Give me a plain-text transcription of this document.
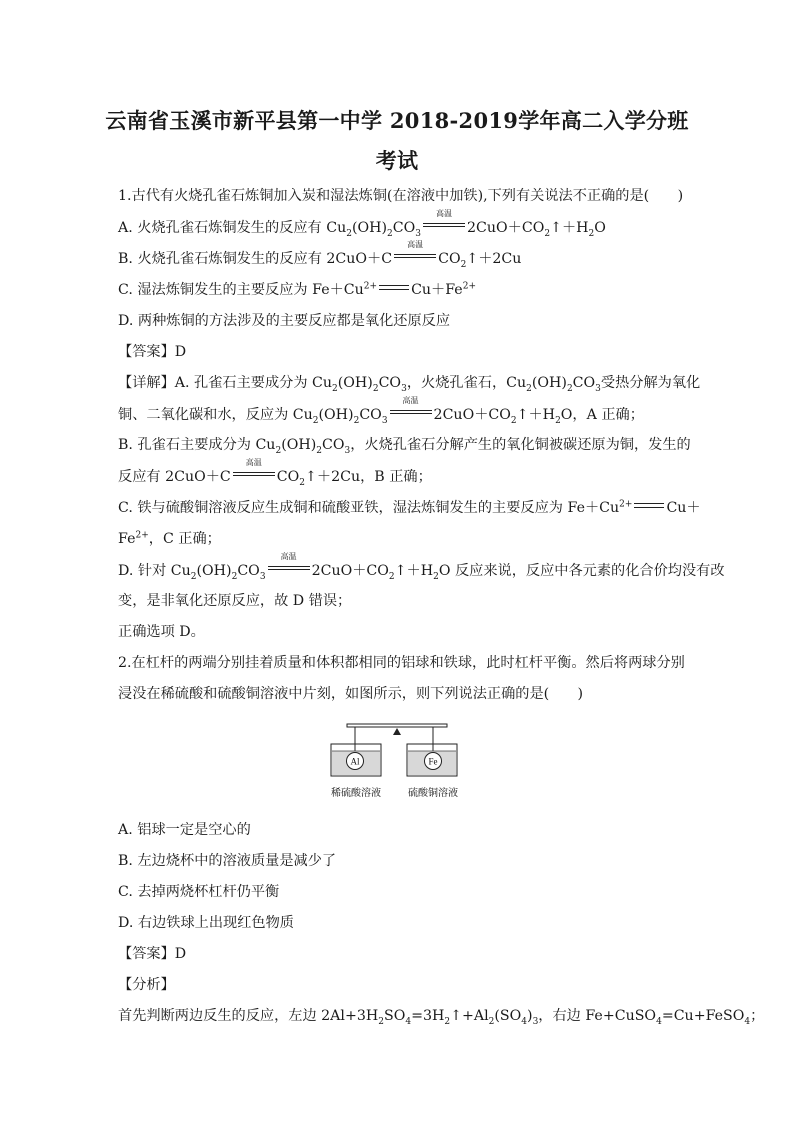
云南省玉溪市新平县第一中学 2018-2019学年高二入学分班
考试
1.古代有火烧孔雀石炼铜加入炭和湿法炼铜(在溶液中加铁),下列有关说法不正确的是(　　)
A. 火烧孔雀石炼铜发生的反应有 $Cu_2(OH)_2CO_3$
高温
$2CuO+CO_2↑+H_2O$
B. 火烧孔雀石炼铜发生的反应有 2CuO＋C
高温
$CO_2↑+2Cu$
C. 湿法炼铜发生的主要反应为 $Fe+Cu^{2+}$ $Cu+Fe^{2+}$
D. 两种炼铜的方法涉及的主要反应都是氧化还原反应
【答案】D
【详解】A. 孔雀石主要成分为 $Cu_2(OH)_2CO_3$，火烧孔雀石，$Cu_2(OH)_2CO_3$受热分解为氧化
铜、二氧化碳和水，反应为 $Cu_2(OH)_2CO_3$
高温
$2CuO+CO_2↑+H_2O$，A 正确；
B. 孔雀石主要成分为 $Cu_2(OH)_2CO_3$，火烧孔雀石分解产生的氧化铜被碳还原为铜，发生的
反应有 2CuO＋C
高温
$CO_2↑+2Cu$，B 正确；
C. 铁与硫酸铜溶液反应生成铜和硫酸亚铁，湿法炼铜发生的主要反应为 $Fe+Cu^{2+}$ Cu＋
$Fe^{2+}$，C 正确；
D. 针对 $Cu_2(OH)_2CO_3$
高温
$2CuO+CO_2↑+H_2O$ 反应来说，反应中各元素的化合价均没有改
变，是非氧化还原反应，故 D 错误；
正确选项 D。
2.在杠杆的两端分别挂着质量和体积都相同的铝球和铁球，此时杠杆平衡。然后将两球分别
浸没在稀硫酸和硫酸铜溶液中片刻，如图所示，则下列说法正确的是(　　)
Al	Fe
稀硫酸溶液	硫酸铜溶液
A. 铝球一定是空心的
B. 左边烧杯中的溶液质量是减少了
C. 去掉两烧杯杠杆仍平衡
D. 右边铁球上出现红色物质
【答案】D
【分析】
首先判断两边反生的反应，左边 $2Al+3H_2SO_4=3H_2↑+Al_2(SO_4)_3$，右边 Fe+CuSO$_4$=Cu+FeSO$_4$；
